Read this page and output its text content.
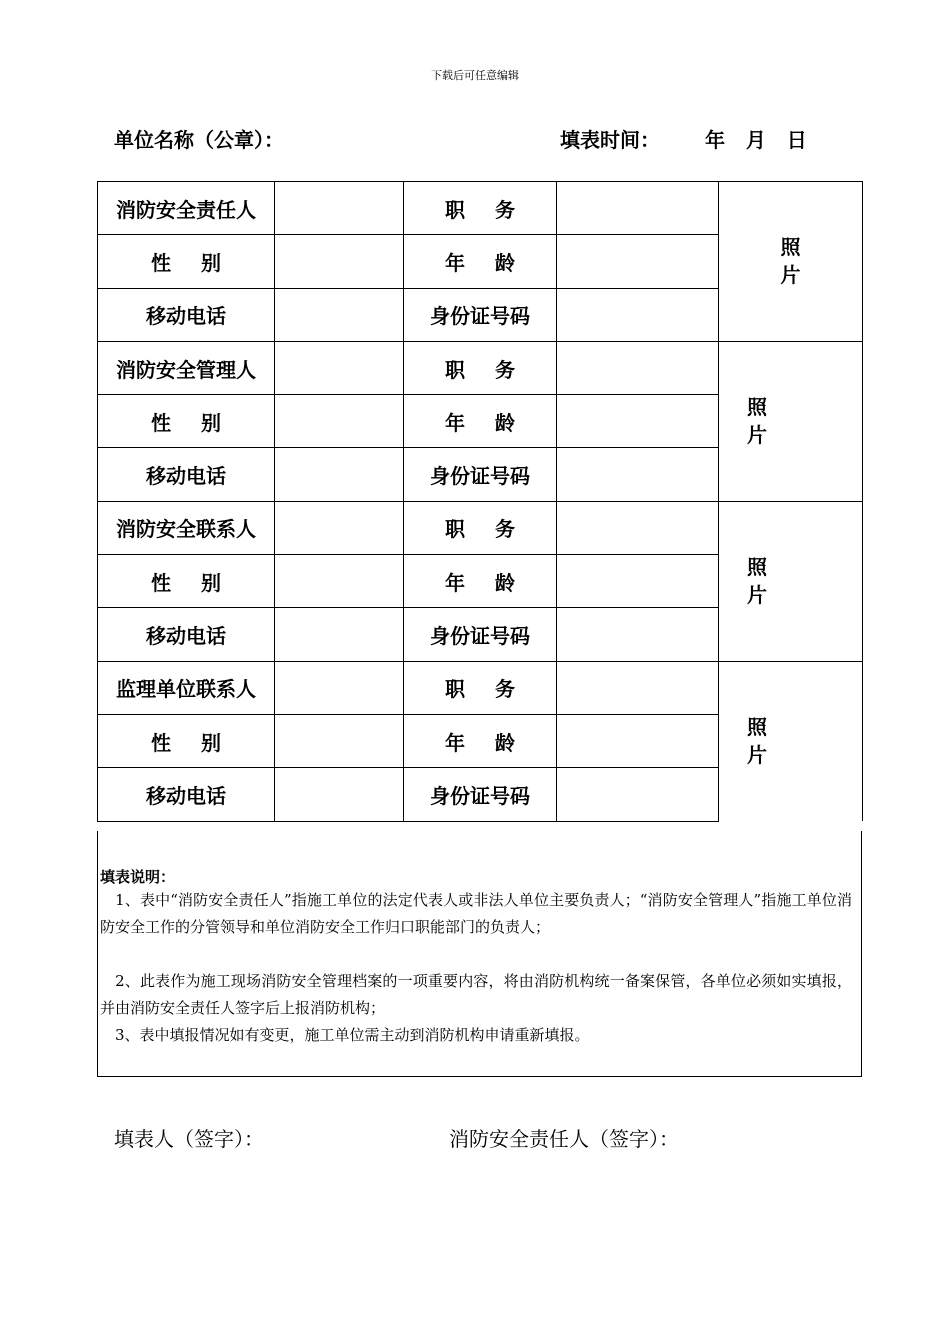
下载后可任意编辑
单位名称（公章）：	填表时间： 年   月   日
消防安全责任人		职务		照
片

性别		年龄		
移动电话		身份证号码		
消防安全管理人		职务		照
片

性别		年龄		
移动电话		身份证号码		
消防安全联系人		职务		照
片

性别		年龄		
移动电话		身份证号码		
监理单位联系人		职务		照
片

性别		年龄		
移动电话		身份证号码		
填表说明：
　1、表中“消防安全责任人”指施工单位的法定代表人或非法人单位主要负责人；“消防安全管理人”指施工单位消防安全工作的分管领导和单位消防安全工作归口职能部门的负责人；
　2、此表作为施工现场消防安全管理档案的一项重要内容，将由消防机构统一备案保管，各单位必须如实填报，并由消防安全责任人签字后上报消防机构；
　3、表中填报情况如有变更，施工单位需主动到消防机构申请重新填报。
填表人（签字）：	消防安全责任人（签字）：
